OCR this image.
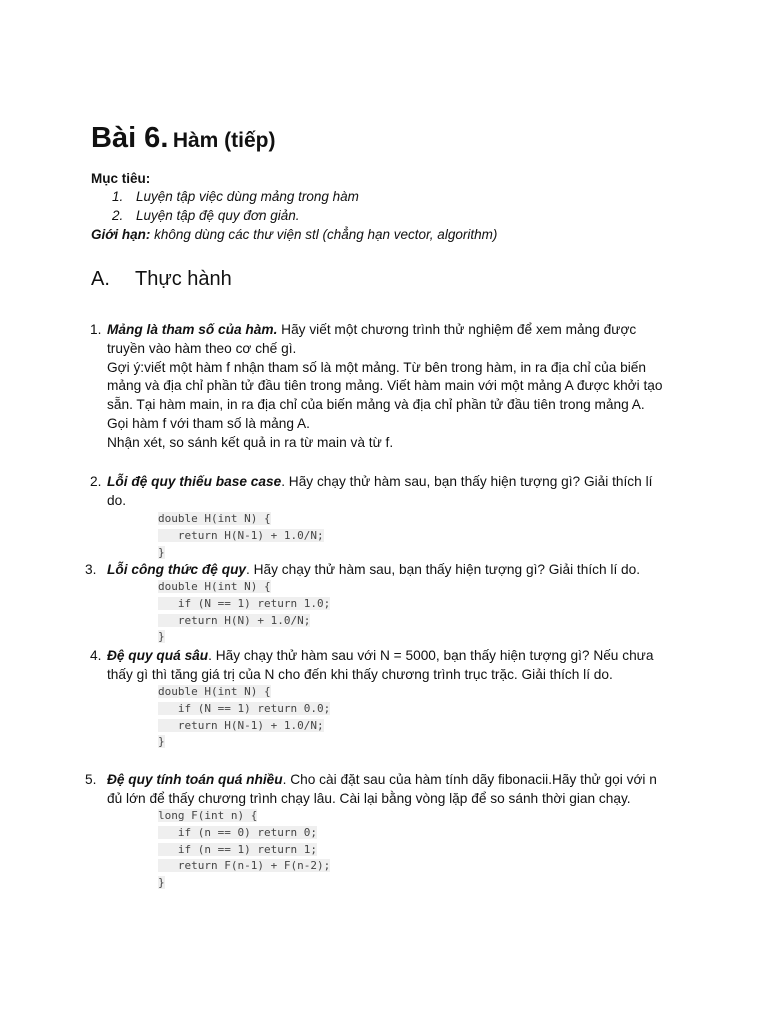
Bài 6. Hàm (tiếp)
Mục tiêu:
1. Luyện tập việc dùng mảng trong hàm
2. Luyện tập đệ quy đơn giản.
Giới hạn: không dùng các thư viện stl (chẳng hạn vector, algorithm)
A. Thực hành
1. Mảng là tham số của hàm. Hãy viết một chương trình thử nghiệm để xem mảng được truyền vào hàm theo cơ chế gì.
Gợi ý:viết một hàm f nhận tham số là một mảng. Từ bên trong hàm, in ra địa chỉ của biến mảng và địa chỉ phần tử đầu tiên trong mảng. Viết hàm main với một mảng A được khởi tạo sẵn. Tại hàm main, in ra địa chỉ của biến mảng và địa chỉ phần tử đầu tiên trong mảng A. Gọi hàm f với tham số là mảng A.
Nhận xét, so sánh kết quả in ra từ main và từ f.
2. Lỗi đệ quy thiếu base case. Hãy chạy thử hàm sau, bạn thấy hiện tượng gì? Giải thích lí do.
double H(int N) {
return H(N-1) + 1.0/N;
}
3. Lỗi công thức đệ quy. Hãy chạy thử hàm sau, bạn thấy hiện tượng gì? Giải thích lí do.
double H(int N) {
if (N == 1) return 1.0;
return H(N) + 1.0/N;
}
4. Đệ quy quá sâu. Hãy chạy thử hàm sau với N = 5000, bạn thấy hiện tượng gì? Nếu chưa thấy gì thì tăng giá trị của N cho đến khi thấy chương trình trục trặc. Giải thích lí do.
double H(int N) {
if (N == 1) return 0.0;
return H(N-1) + 1.0/N;
}
5. Đệ quy tính toán quá nhiều. Cho cài đặt sau của hàm tính dãy fibonacii.Hãy thử gọi với n đủ lớn để thấy chương trình chạy lâu. Cài lại bằng vòng lặp để so sánh thời gian chạy.
long F(int n) {
if (n == 0) return 0;
if (n == 1) return 1;
return F(n-1) + F(n-2);
}
